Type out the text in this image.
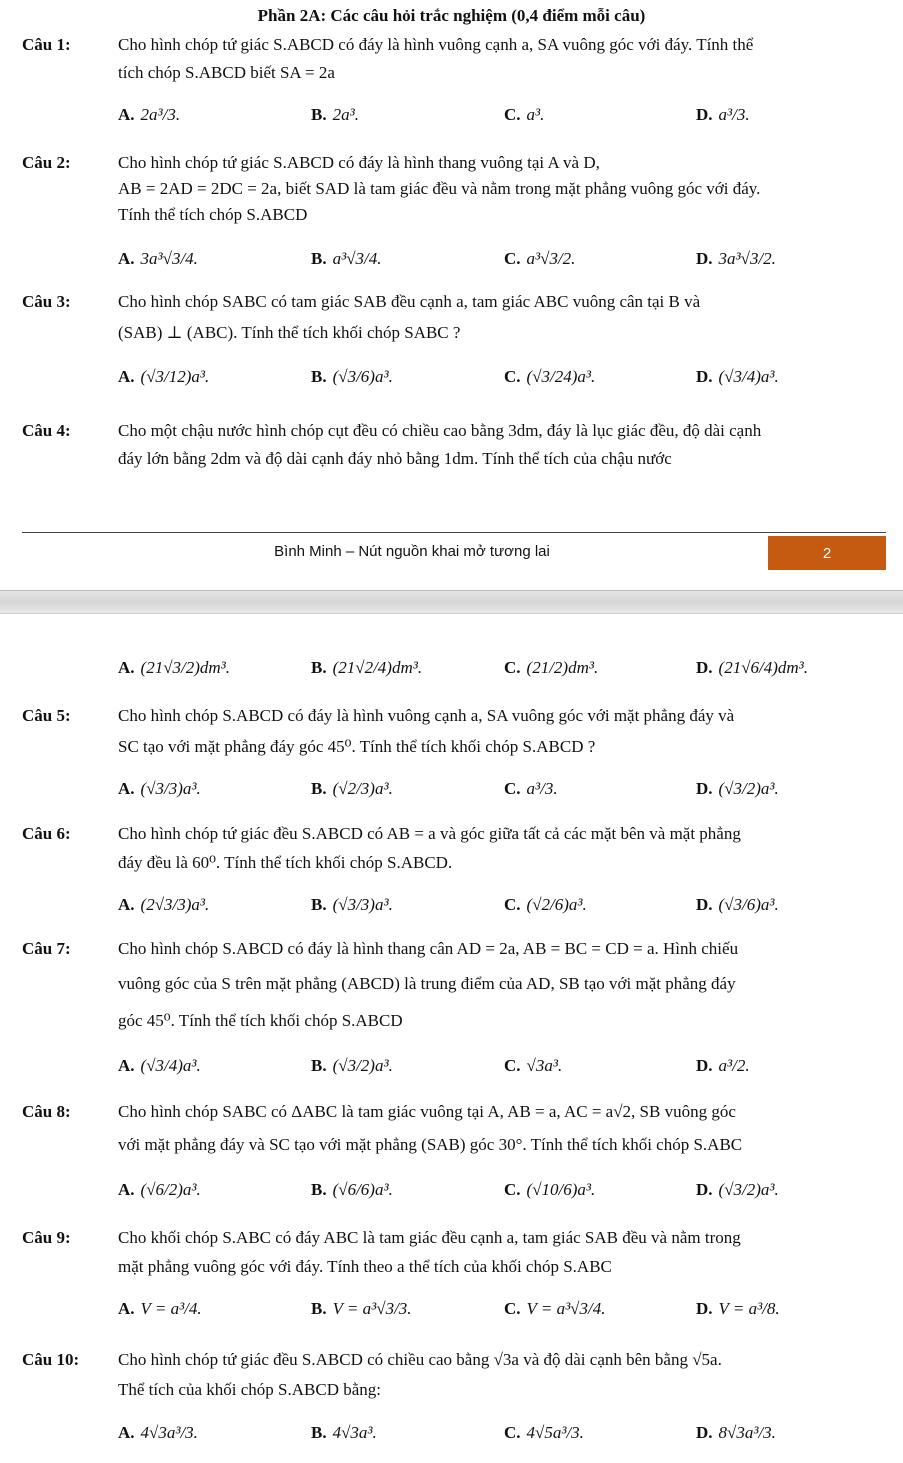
Phần 2A: Các câu hỏi trắc nghiệm (0,4 điểm mỗi câu)
Câu 1:	Cho hình chóp tứ giác S.ABCD có đáy là hình vuông cạnh a, SA vuông góc với đáy. Tính thể
tích chóp S.ABCD biết SA = 2a
A. 2a³/3.	B. 2a³.	C. a³.	D. a³/3.
Câu 2:	Cho hình chóp tứ giác S.ABCD có đáy là hình thang vuông tại A và D,
AB = 2AD = 2DC = 2a, biết SAD là tam giác đều và nằm trong mặt phẳng vuông góc với đáy.
Tính thể tích chóp S.ABCD
A. 3a³√3/4.	B. a³√3/4.	C. a³√3/2.	D. 3a³√3/2.
Câu 3:	Cho hình chóp SABC có tam giác SAB đều cạnh a, tam giác ABC vuông cân tại B và
(SAB) ⊥ (ABC). Tính thể tích khối chóp SABC ?
A. (√3/12)a³.	B. (√3/6)a³.	C. (√3/24)a³.	D. (√3/4)a³.
Câu 4:	Cho một chậu nước hình chóp cụt đều có chiều cao bằng 3dm, đáy là lục giác đều, độ dài cạnh
đáy lớn bằng 2dm và độ dài cạnh đáy nhỏ bằng 1dm. Tính thể tích của chậu nước
Bình Minh – Nút nguồn khai mở tương lai	2
A. (21√3/2)dm³.	B. (21√2/4)dm³.	C. (21/2)dm³.	D. (21√6/4)dm³.
Câu 5:	Cho hình chóp S.ABCD có đáy là hình vuông cạnh a, SA vuông góc với mặt phẳng đáy và
SC tạo với mặt phẳng đáy góc 45⁰. Tính thể tích khối chóp S.ABCD ?
A. (√3/3)a³.	B. (√2/3)a³.	C. a³/3.	D. (√3/2)a³.
Câu 6:	Cho hình chóp tứ giác đều S.ABCD có AB = a và góc giữa tất cả các mặt bên và mặt phẳng
đáy đều là 60⁰. Tính thể tích khối chóp S.ABCD.
A. (2√3/3)a³.	B. (√3/3)a³.	C. (√2/6)a³.	D. (√3/6)a³.
Câu 7:	Cho hình chóp S.ABCD có đáy là hình thang cân AD = 2a, AB = BC = CD = a. Hình chiếu
vuông góc của S trên mặt phẳng (ABCD) là trung điểm của AD, SB tạo với mặt phẳng đáy
góc 45⁰. Tính thể tích khối chóp S.ABCD
A. (√3/4)a³.	B. (√3/2)a³.	C. √3a³.	D. a³/2.
Câu 8:	Cho hình chóp SABC có ΔABC là tam giác vuông tại A, AB = a, AC = a√2, SB vuông góc
với mặt phẳng đáy và SC tạo với mặt phẳng (SAB) góc 30°. Tính thể tích khối chóp S.ABC
A. (√6/2)a³.	B. (√6/6)a³.	C. (√10/6)a³.	D. (√3/2)a³.
Câu 9:	Cho khối chóp S.ABC có đáy ABC là tam giác đều cạnh a, tam giác SAB đều và nằm trong
mặt phẳng vuông góc với đáy. Tính theo a thể tích của khối chóp S.ABC
A. V = a³/4.	B. V = a³√3/3.	C. V = a³√3/4.	D. V = a³/8.
Câu 10: Cho hình chóp tứ giác đều S.ABCD có chiều cao bằng √3a và độ dài cạnh bên bằng √5a.
Thể tích của khối chóp S.ABCD bằng:
A. 4√3a³/3.	B. 4√3a³.	C. 4√5a³/3.	D. 8√3a³/3.
